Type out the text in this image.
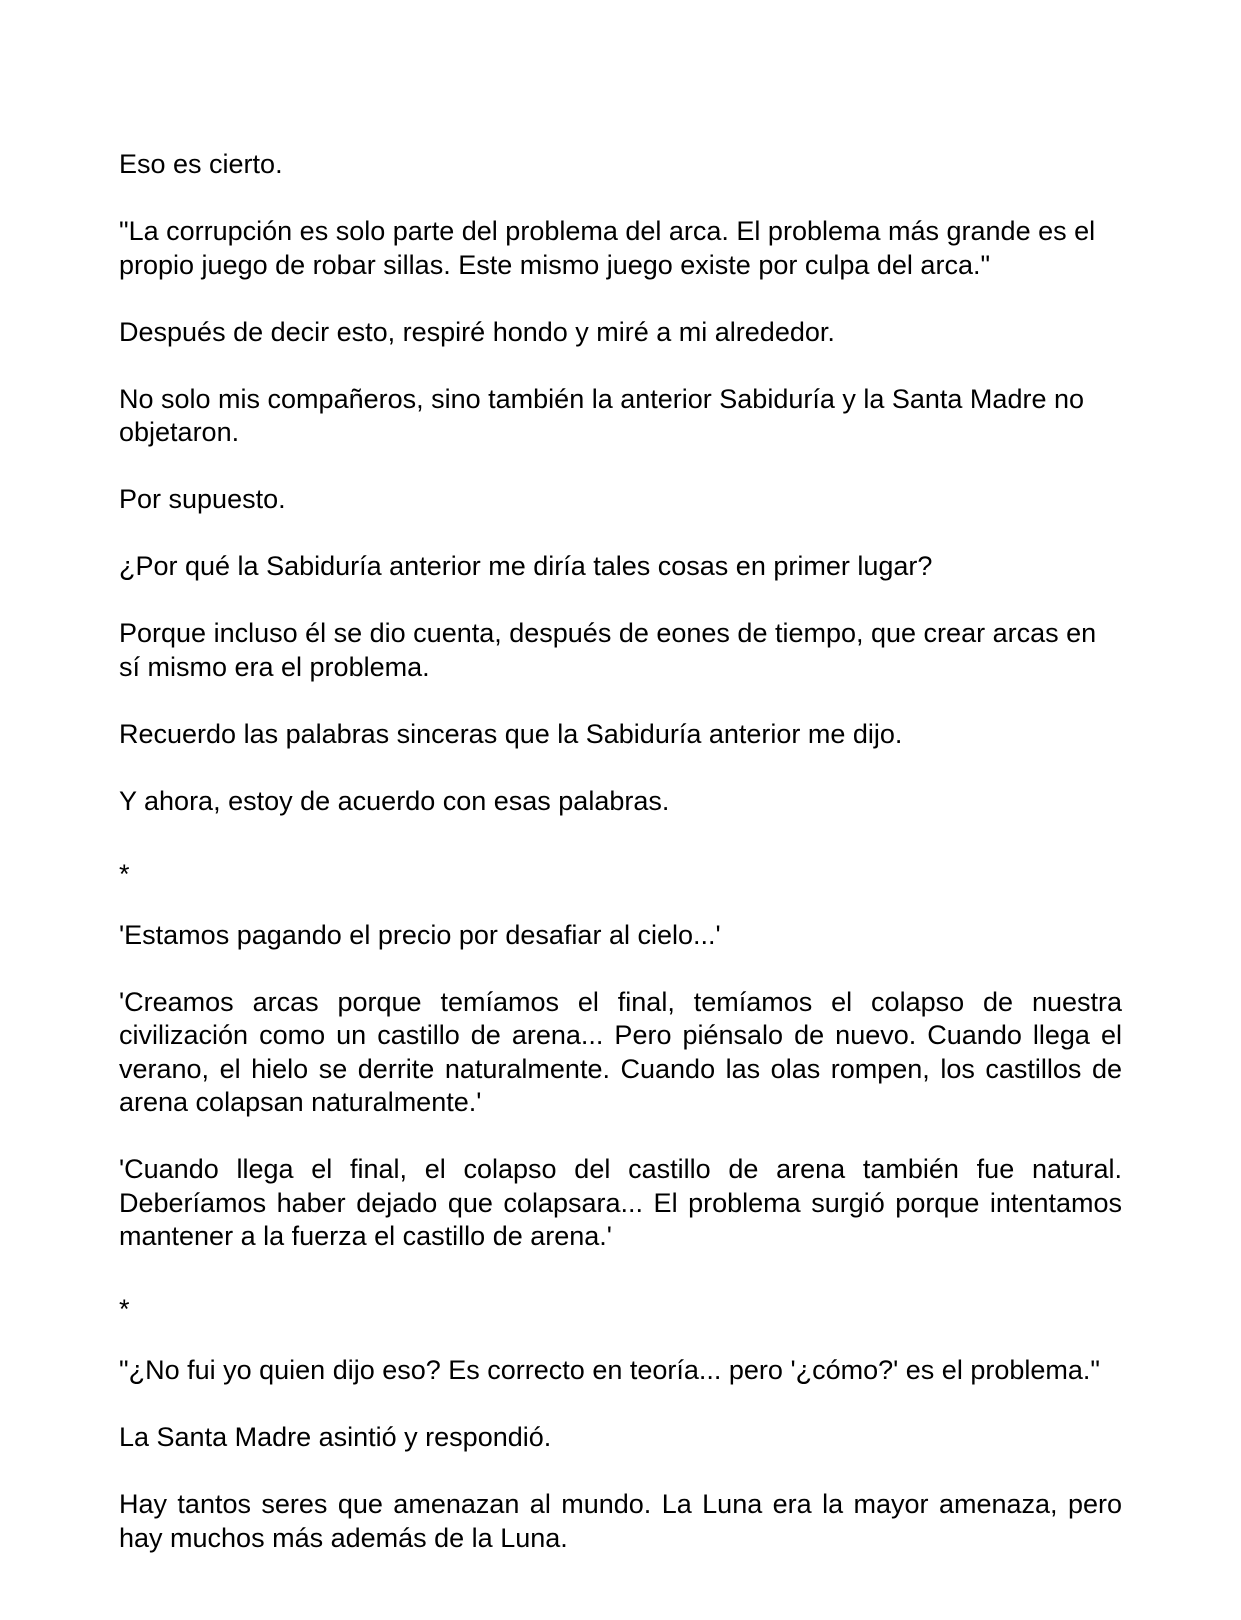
Eso es cierto.

"La corrupción es solo parte del problema del arca. El problema más grande es el propio juego de robar sillas. Este mismo juego existe por culpa del arca."

Después de decir esto, respiré hondo y miré a mi alrededor.

No solo mis compañeros, sino también la anterior Sabiduría y la Santa Madre no objetaron.

Por supuesto.

¿Por qué la Sabiduría anterior me diría tales cosas en primer lugar?

Porque incluso él se dio cuenta, después de eones de tiempo, que crear arcas en sí mismo era el problema.

Recuerdo las palabras sinceras que la Sabiduría anterior me dijo.

Y ahora, estoy de acuerdo con esas palabras.

*

'Estamos pagando el precio por desafiar al cielo...'

'Creamos arcas porque temíamos el final, temíamos el colapso de nuestra civilización como un castillo de arena... Pero piénsalo de nuevo. Cuando llega el verano, el hielo se derrite naturalmente. Cuando las olas rompen, los castillos de arena colapsan naturalmente.'

'Cuando llega el final, el colapso del castillo de arena también fue natural. Deberíamos haber dejado que colapsara... El problema surgió porque intentamos mantener a la fuerza el castillo de arena.'

*

"¿No fui yo quien dijo eso? Es correcto en teoría... pero '¿cómo?' es el problema."

La Santa Madre asintió y respondió.

Hay tantos seres que amenazan al mundo. La Luna era la mayor amenaza, pero hay muchos más además de la Luna.
